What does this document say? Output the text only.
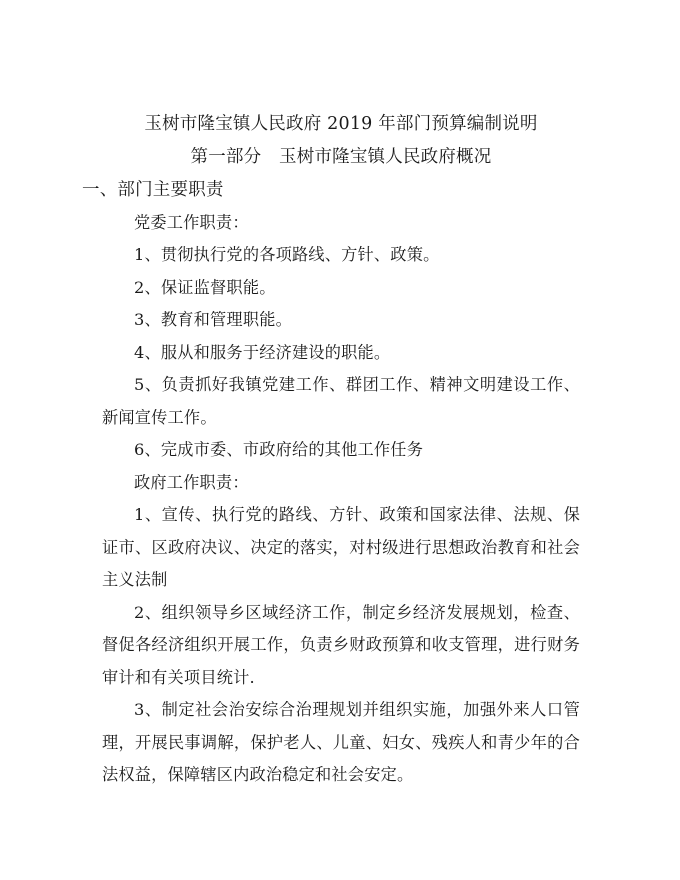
玉树市隆宝镇人民政府 2019 年部门预算编制说明
第一部分　玉树市隆宝镇人民政府概况
一、部门主要职责
党委工作职责：
1、贯彻执行党的各项路线、方针、政策。
2、保证监督职能。
3、教育和管理职能。
4、服从和服务于经济建设的职能。
5、负责抓好我镇党建工作、群团工作、精神文明建设工作、新闻宣传工作。
6、完成市委、市政府给的其他工作任务
政府工作职责：
1、宣传、执行党的路线、方针、政策和国家法律、法规、保证市、区政府决议、决定的落实，对村级进行思想政治教育和社会主义法制
2、组织领导乡区域经济工作，制定乡经济发展规划，检查、督促各经济组织开展工作，负责乡财政预算和收支管理，进行财务审计和有关项目统计.
3、制定社会治安综合治理规划并组织实施，加强外来人口管理，开展民事调解，保护老人、儿童、妇女、残疾人和青少年的合法权益，保障辖区内政治稳定和社会安定。
